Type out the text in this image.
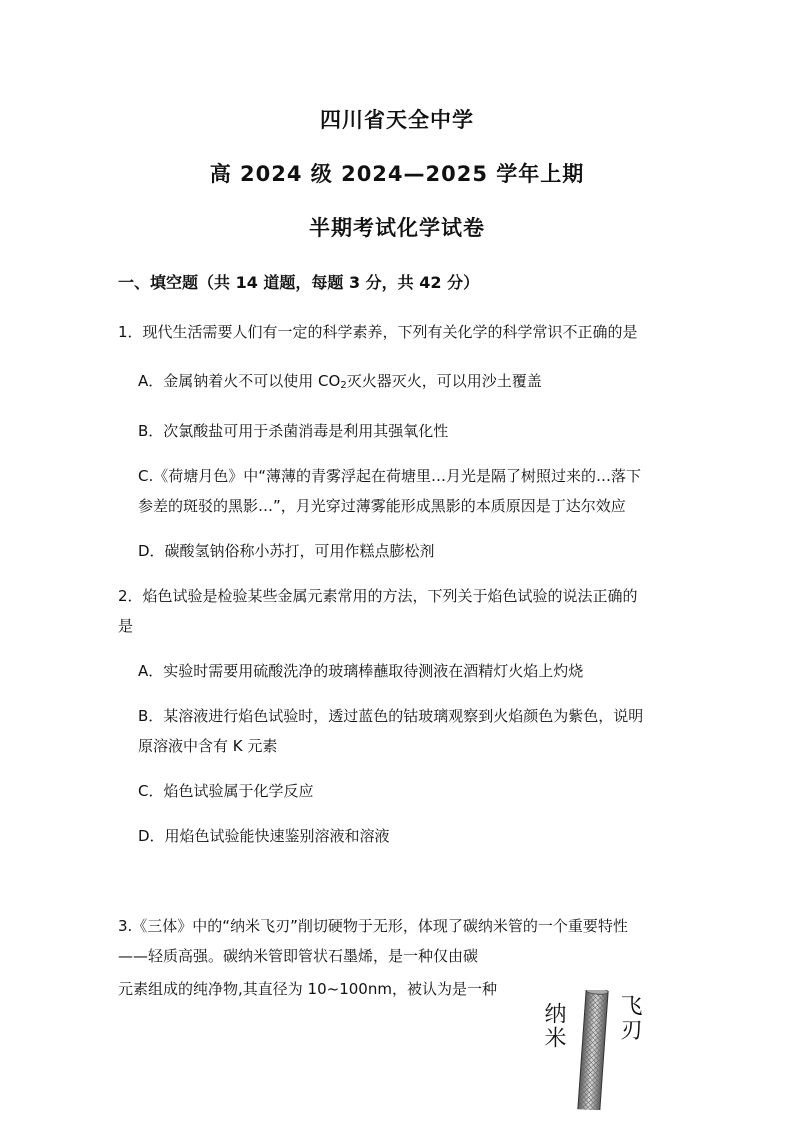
四川省天全中学
高 2024 级 2024—2025 学年上期
半期考试化学试卷
一、填空题（共 14 道题，每题 3 分，共 42 分）
1．现代生活需要人们有一定的科学素养，下列有关化学的科学常识不正确的是
A．金属钠着火不可以使用 $CO_2$灭火器灭火，可以用沙土覆盖
B．次氯酸盐可用于杀菌消毒是利用其强氧化性
C.《荷塘月色》中“薄薄的青雾浮起在荷塘里…月光是隔了树照过来的…落下
参差的斑驳的黑影…”，月光穿过薄雾能形成黑影的本质原因是丁达尔效应
D．碳酸氢钠俗称小苏打，可用作糕点膨松剂
2．焰色试验是检验某些金属元素常用的方法，下列关于焰色试验的说法正确的
是
A．实验时需要用硫酸洗净的玻璃棒蘸取待测液在酒精灯火焰上灼烧
B．某溶液进行焰色试验时，透过蓝色的钴玻璃观察到火焰颜色为紫色，说明
原溶液中含有 K 元素
C．焰色试验属于化学反应
D．用焰色试验能快速鉴别溶液和溶液
3.《三体》中的“纳米飞刃”削切硬物于无形，体现了碳纳米管的一个重要特性
——轻质高强。碳纳米管即管状石墨烯，是一种仅由碳
元素组成的纯净物,其直径为 10~100nm，被认为是一种
纳米 飞刃
